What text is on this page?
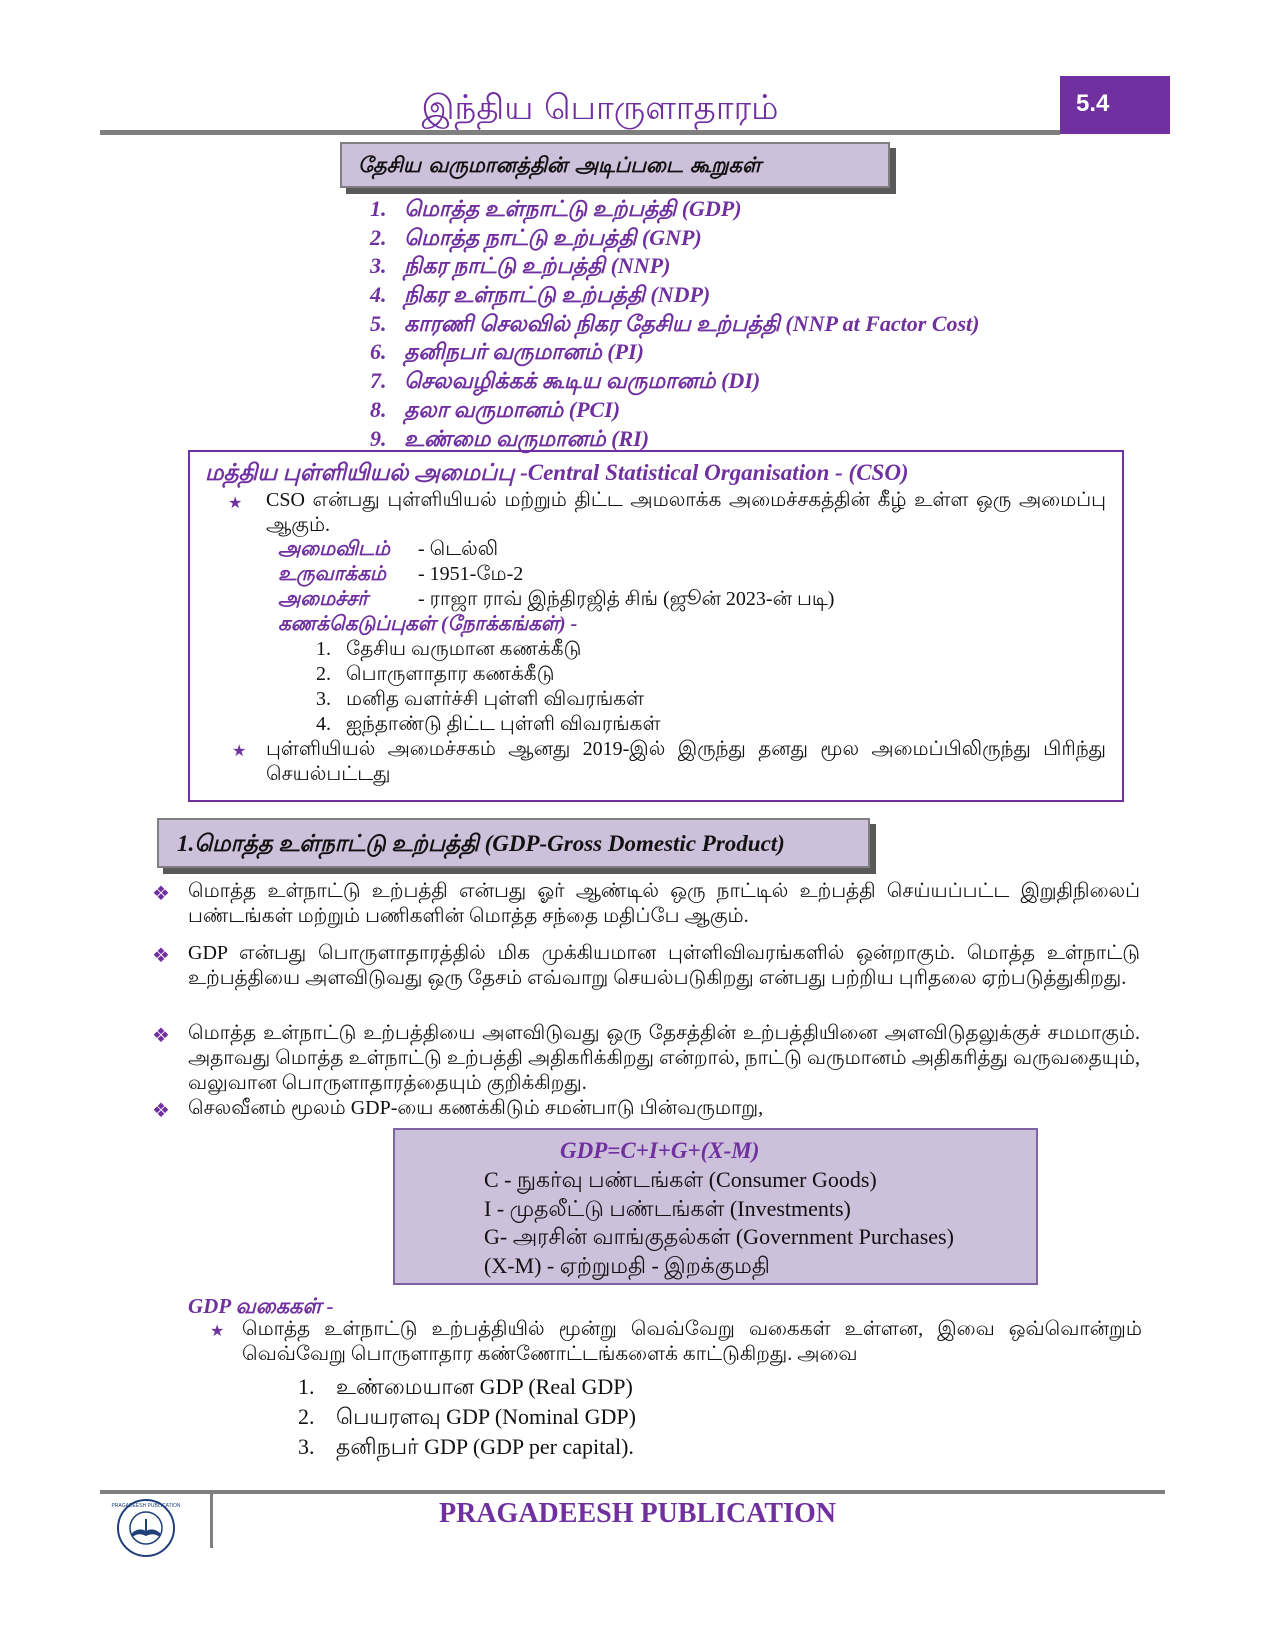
இந்திய பொருளாதாரம்	5.4
தேசிய வருமானத்தின் அடிப்படை கூறுகள்
1. மொத்த உள்நாட்டு உற்பத்தி (GDP)
2. மொத்த நாட்டு உற்பத்தி (GNP)
3. நிகர நாட்டு உற்பத்தி (NNP)
4. நிகர உள்நாட்டு உற்பத்தி (NDP)
5. காரணி செலவில் நிகர தேசிய உற்பத்தி (NNP at Factor Cost)
6. தனிநபர் வருமானம் (PI)
7. செலவழிக்கக் கூடிய வருமானம் (DI)
8. தலா வருமானம் (PCI)
9. உண்மை வருமானம் (RI)
மத்திய புள்ளியியல் அமைப்பு -Central Statistical Organisation - (CSO)
★	CSO என்பது புள்ளியியல் மற்றும் திட்ட அமலாக்க அமைச்சகத்தின் கீழ் உள்ள ஒரு அமைப்பு ஆகும்.
அமைவிடம் - டெல்லி
உருவாக்கம் - 1951-மே-2
அமைச்சர்	- ராஜா ராவ் இந்திரஜித் சிங் (ஜூன் 2023-ன் படி)
கணக்கெடுப்புகள் (நோக்கங்கள்) -
1. தேசிய வருமான கணக்கீடு
2. பொருளாதார கணக்கீடு
3. மனித வளர்ச்சி புள்ளி விவரங்கள்
4. ஐந்தாண்டு திட்ட புள்ளி விவரங்கள்
★ புள்ளியியல் அமைச்சகம் ஆனது 2019-இல் இருந்து தனது மூல அமைப்பிலிருந்து பிரிந்து செயல்பட்டது
1.மொத்த உள்நாட்டு உற்பத்தி (GDP-Gross Domestic Product)
❖ மொத்த உள்நாட்டு உற்பத்தி என்பது ஓர் ஆண்டில் ஒரு நாட்டில் உற்பத்தி செய்யப்பட்ட இறுதிநிலைப் பண்டங்கள் மற்றும் பணிகளின் மொத்த சந்தை மதிப்பே ஆகும்.
❖ GDP என்பது பொருளாதாரத்தில் மிக முக்கியமான புள்ளிவிவரங்களில் ஒன்றாகும். மொத்த உள்நாட்டு உற்பத்தியை அளவிடுவது ஒரு தேசம் எவ்வாறு செயல்படுகிறது என்பது பற்றிய புரிதலை ஏற்படுத்துகிறது.
❖ மொத்த உள்நாட்டு உற்பத்தியை அளவிடுவது ஒரு தேசத்தின் உற்பத்தியினை அளவிடுதலுக்குச் சமமாகும். அதாவது மொத்த உள்நாட்டு உற்பத்தி அதிகரிக்கிறது என்றால், நாட்டு வருமானம் அதிகரித்து வருவதையும், வலுவான பொருளாதாரத்தையும் குறிக்கிறது.
❖ செலவீனம் மூலம் GDP-யை கணக்கிடும் சமன்பாடு பின்வருமாறு,
GDP=C+I+G+(X-M)
C - நுகர்வு பண்டங்கள் (Consumer Goods)
I - முதலீட்டு பண்டங்கள் (Investments)
G- அரசின் வாங்குதல்கள் (Government Purchases)
(X-M) - ஏற்றுமதி - இறக்குமதி
GDP வகைகள் -
★ மொத்த உள்நாட்டு உற்பத்தியில் மூன்று வெவ்வேறு வகைகள் உள்ளன, இவை ஒவ்வொன்றும் வெவ்வேறு பொருளாதார கண்ணோட்டங்களைக் காட்டுகிறது. அவை
1. உண்மையான GDP (Real GDP)
2. பெயரளவு GDP (Nominal GDP)
3. தனிநபர் GDP (GDP per capital).
PRAGADEESH PUBLICATION	PRAGADEESH PUBLICATION
